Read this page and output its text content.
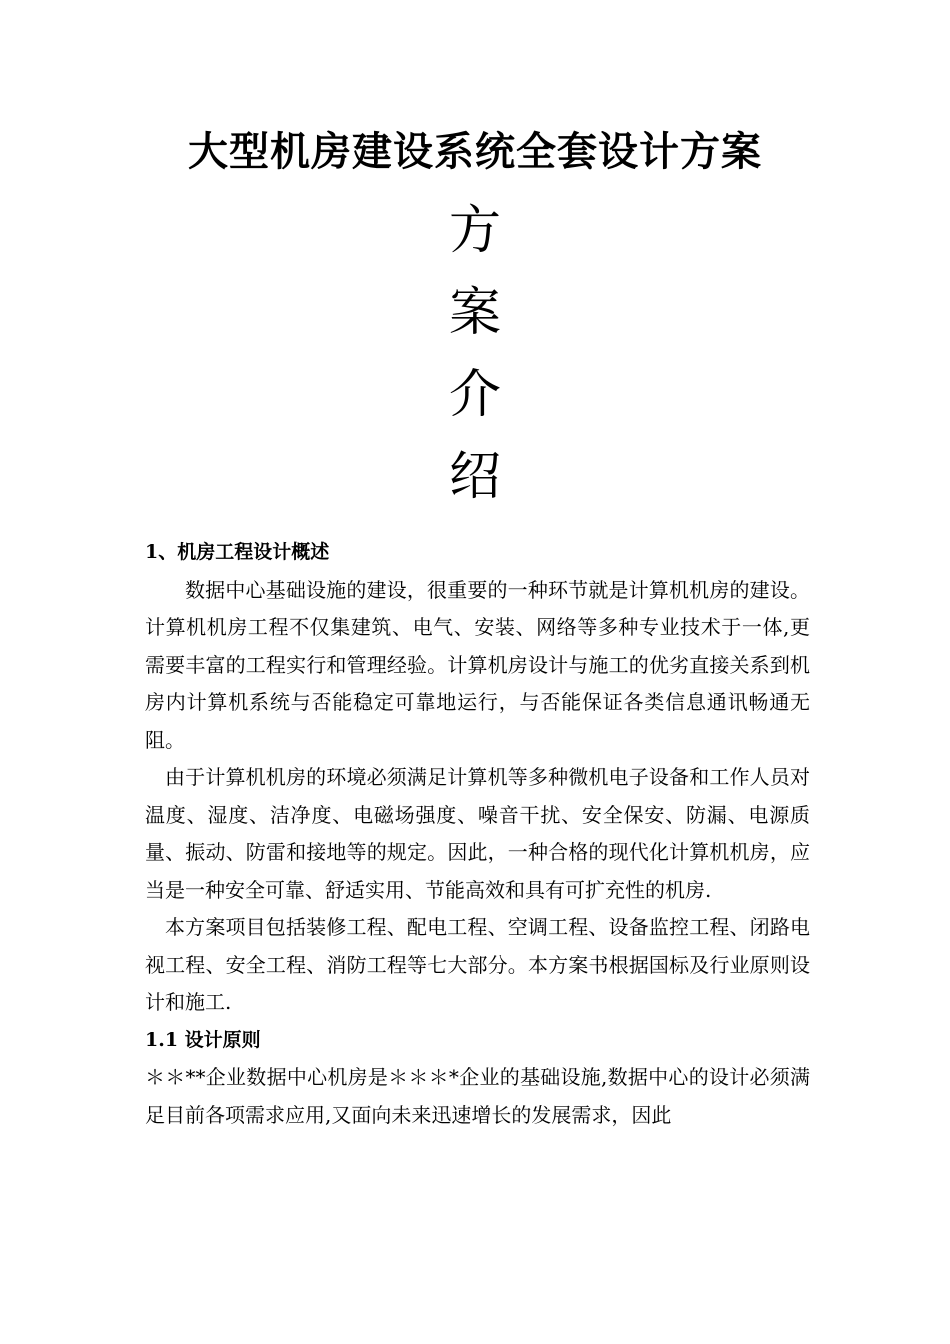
大型机房建设系统全套设计方案
方
案
介
绍
1、机房工程设计概述

数据中心基础设施的建设，很重要的一种环节就是计算机机房的建设。计算机机房工程不仅集建筑、电气、安装、网络等多种专业技术于一体,更需要丰富的工程实行和管理经验。计算机房设计与施工的优劣直接关系到机房内计算机系统与否能稳定可靠地运行，与否能保证各类信息通讯畅通无阻。

由于计算机机房的环境必须满足计算机等多种微机电子设备和工作人员对温度、湿度、洁净度、电磁场强度、噪音干扰、安全保安、防漏、电源质量、振动、防雷和接地等的规定。因此，一种合格的现代化计算机机房，应当是一种安全可靠、舒适实用、节能高效和具有可扩充性的机房.

本方案项目包括装修工程、配电工程、空调工程、设备监控工程、闭路电视工程、安全工程、消防工程等七大部分。本方案书根据国标及行业原则设计和施工.

1.1 设计原则

＊＊**企业数据中心机房是＊＊＊*企业的基础设施,数据中心的设计必须满足目前各项需求应用,又面向未来迅速增长的发展需求，因此
